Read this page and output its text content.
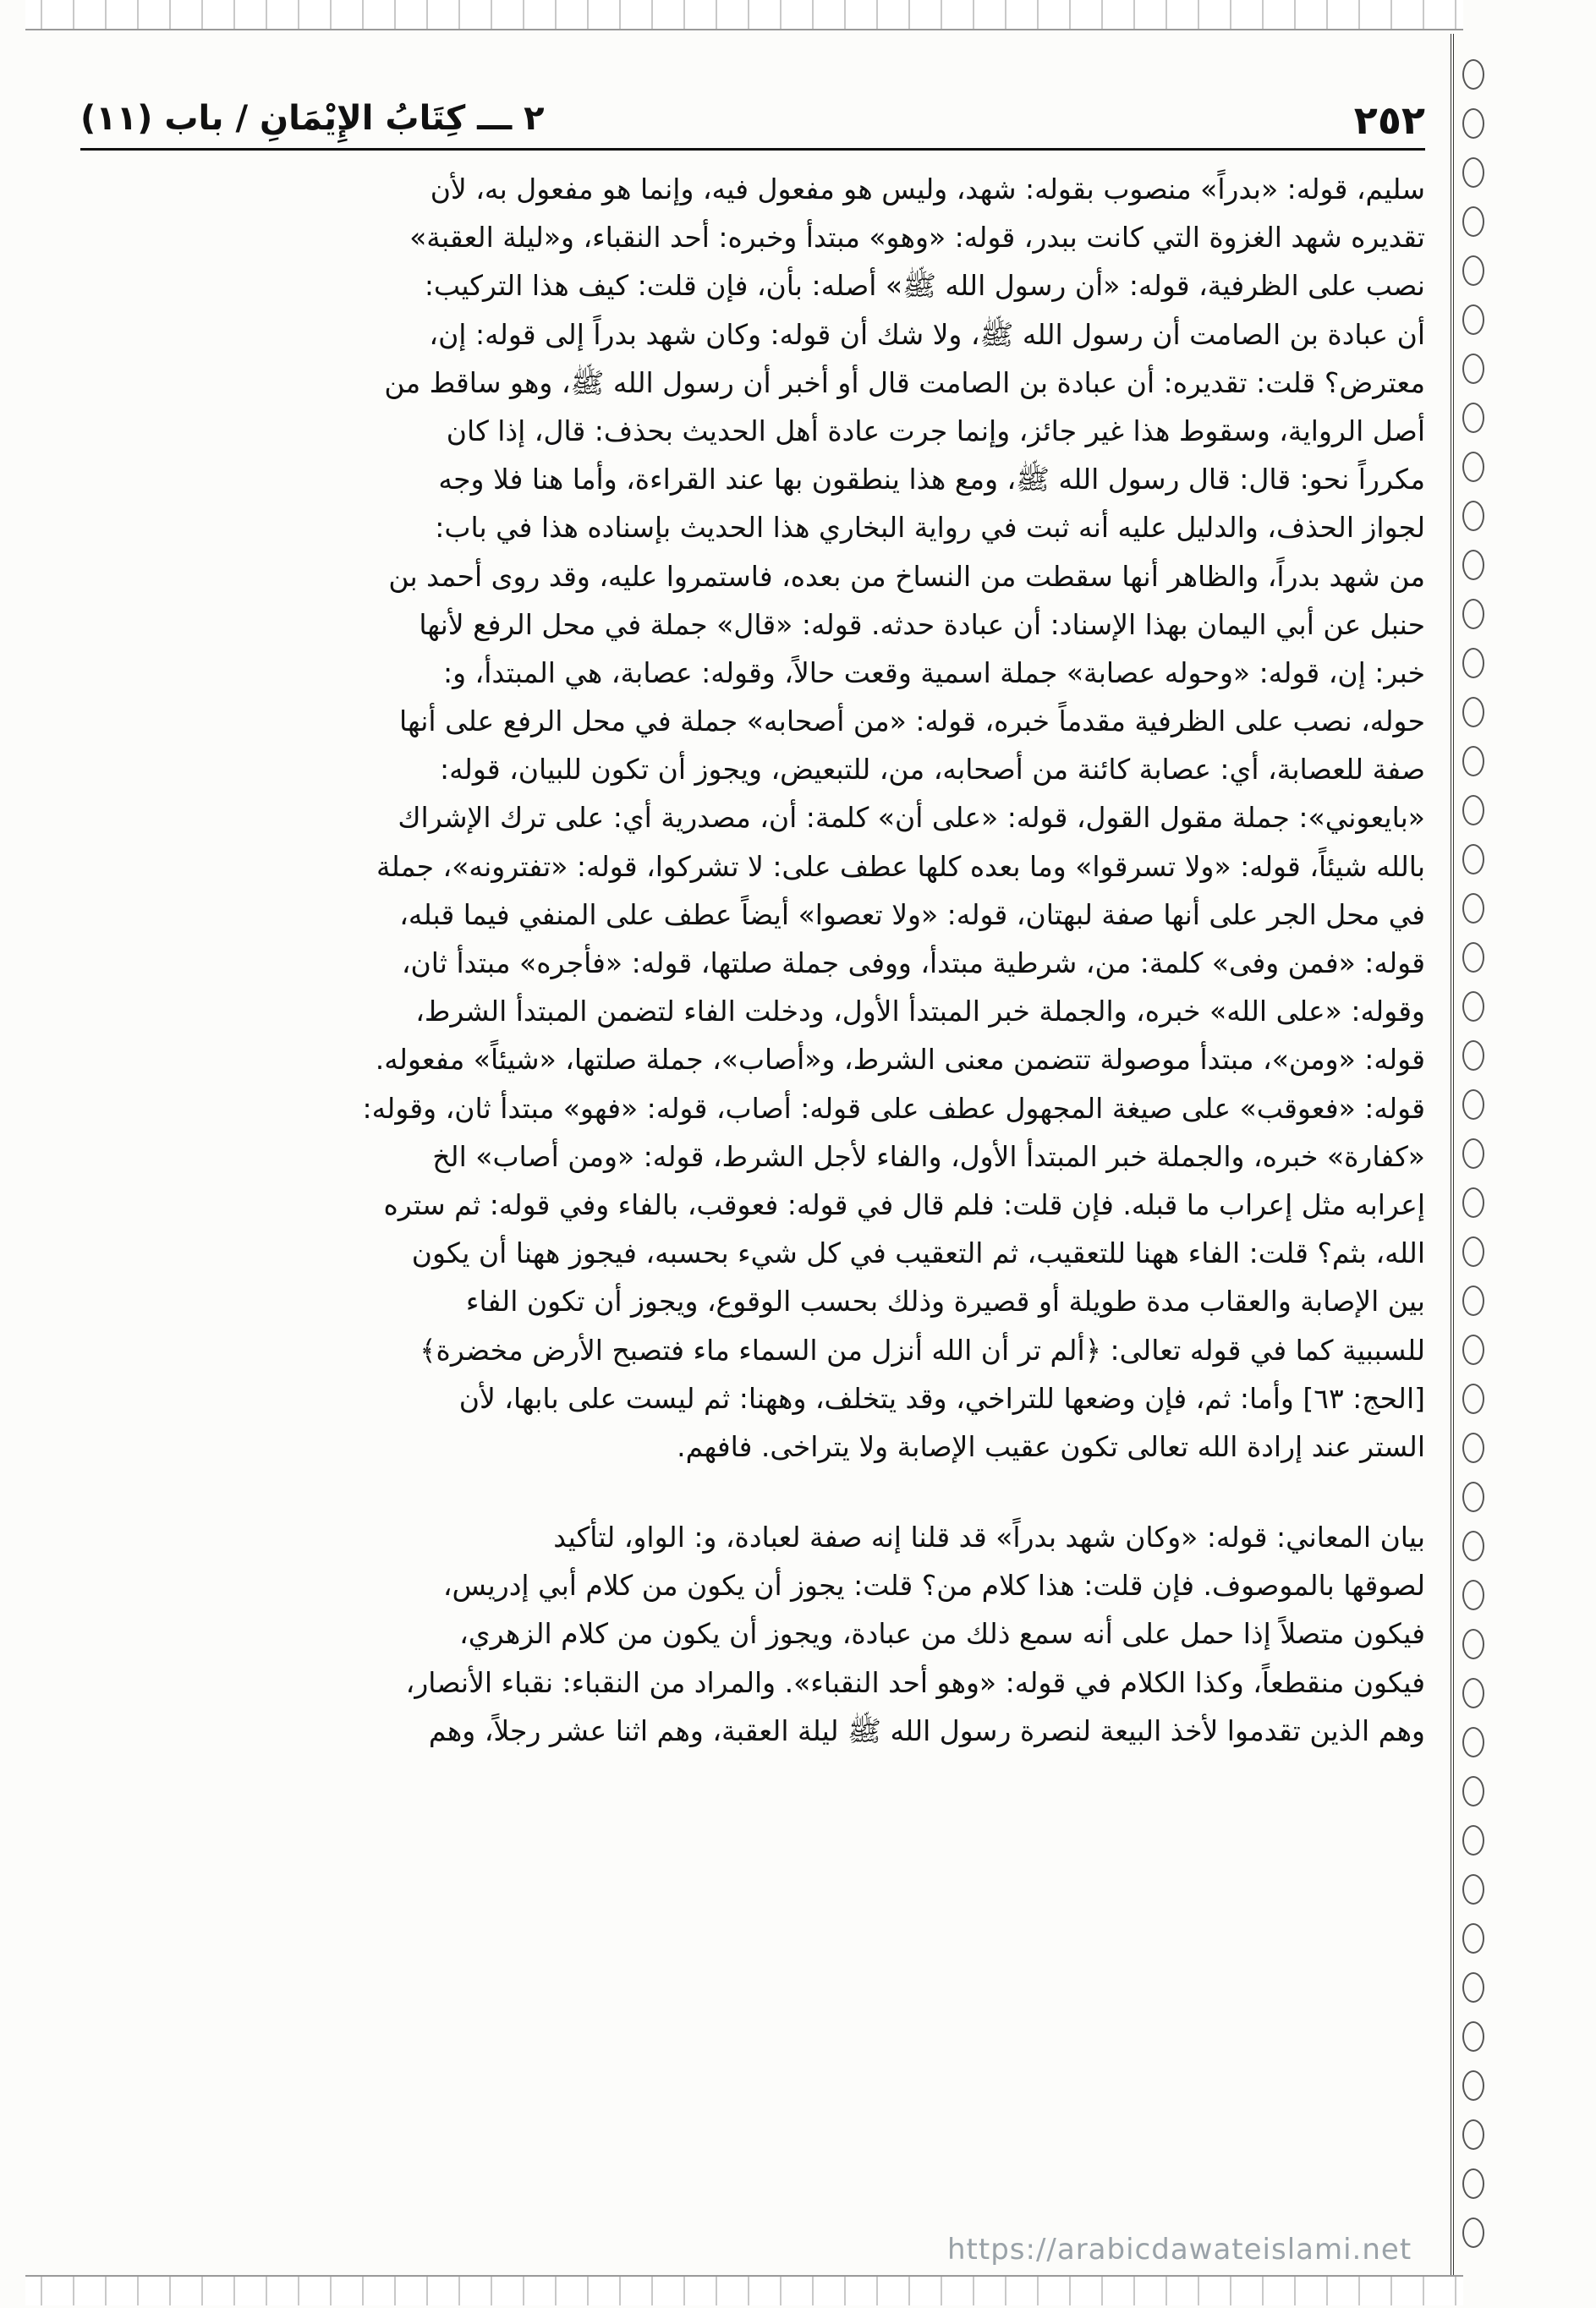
٢٥٢
٢ ـــ كِتَابُ الإِيْمَانِ / باب (١١)
سليم، قوله: «بدراً» منصوب بقوله: شهد، وليس هو مفعول فيه، وإنما هو مفعول به، لأن
تقديره شهد الغزوة التي كانت ببدر، قوله: «وهو» مبتدأ وخبره: أحد النقباء، و«ليلة العقبة»
نصب على الظرفية، قوله: «أن رسول الله ﷺ» أصله: بأن، فإن قلت: كيف هذا التركيب:
أن عبادة بن الصامت أن رسول الله ﷺ، ولا شك أن قوله: وكان شهد بدراً إلى قوله: إن،
معترض؟ قلت: تقديره: أن عبادة بن الصامت قال أو أخبر أن رسول الله ﷺ، وهو ساقط من
أصل الرواية، وسقوط هذا غير جائز، وإنما جرت عادة أهل الحديث بحذف: قال، إذا كان
مكرراً نحو: قال: قال رسول الله ﷺ، ومع هذا ينطقون بها عند القراءة، وأما هنا فلا وجه
لجواز الحذف، والدليل عليه أنه ثبت في رواية البخاري هذا الحديث بإسناده هذا في باب:
من شهد بدراً، والظاهر أنها سقطت من النساخ من بعده، فاستمروا عليه، وقد روى أحمد بن
حنبل عن أبي اليمان بهذا الإسناد: أن عبادة حدثه. قوله: «قال» جملة في محل الرفع لأنها
خبر: إن، قوله: «وحوله عصابة» جملة اسمية وقعت حالاً، وقوله: عصابة، هي المبتدأ، و:
حوله، نصب على الظرفية مقدماً خبره، قوله: «من أصحابه» جملة في محل الرفع على أنها
صفة للعصابة، أي: عصابة كائنة من أصحابه، من، للتبعيض، ويجوز أن تكون للبيان، قوله:
«بايعوني»: جملة مقول القول، قوله: «على أن» كلمة: أن، مصدرية أي: على ترك الإشراك
بالله شيئاً، قوله: «ولا تسرقوا» وما بعده كلها عطف على: لا تشركوا، قوله: «تفترونه»، جملة
في محل الجر على أنها صفة لبهتان، قوله: «ولا تعصوا» أيضاً عطف على المنفي فيما قبله،
قوله: «فمن وفى» كلمة: من، شرطية مبتدأ، ووفى جملة صلتها، قوله: «فأجره» مبتدأ ثان،
وقوله: «على الله» خبره، والجملة خبر المبتدأ الأول، ودخلت الفاء لتضمن المبتدأ الشرط،
قوله: «ومن»، مبتدأ موصولة تتضمن معنى الشرط، و«أصاب»، جملة صلتها، «شيئاً» مفعوله.
قوله: «فعوقب» على صيغة المجهول عطف على قوله: أصاب، قوله: «فهو» مبتدأ ثان، وقوله:
«كفارة» خبره، والجملة خبر المبتدأ الأول، والفاء لأجل الشرط، قوله: «ومن أصاب» الخ
إعرابه مثل إعراب ما قبله. فإن قلت: فلم قال في قوله: فعوقب، بالفاء وفي قوله: ثم ستره
الله، بثم؟ قلت: الفاء ههنا للتعقيب، ثم التعقيب في كل شيء بحسبه، فيجوز ههنا أن يكون
بين الإصابة والعقاب مدة طويلة أو قصيرة وذلك بحسب الوقوع، ويجوز أن تكون الفاء
للسببية كما في قوله تعالى: ﴿ألم تر أن الله أنزل من السماء ماء فتصبح الأرض مخضرة﴾
[الحج: ٦٣] وأما: ثم، فإن وضعها للتراخي، وقد يتخلف، وههنا: ثم ليست على بابها، لأن
الستر عند إرادة الله تعالى تكون عقيب الإصابة ولا يتراخى. فافهم.
بيان المعاني: قوله: «وكان شهد بدراً» قد قلنا إنه صفة لعبادة، و: الواو، لتأكيد
لصوقها بالموصوف. فإن قلت: هذا كلام من؟ قلت: يجوز أن يكون من كلام أبي إدريس،
فيكون متصلاً إذا حمل على أنه سمع ذلك من عبادة، ويجوز أن يكون من كلام الزهري،
فيكون منقطعاً، وكذا الكلام في قوله: «وهو أحد النقباء». والمراد من النقباء: نقباء الأنصار،
وهم الذين تقدموا لأخذ البيعة لنصرة رسول الله ﷺ ليلة العقبة، وهم اثنا عشر رجلاً، وهم
https://arabicdawateislami.net
